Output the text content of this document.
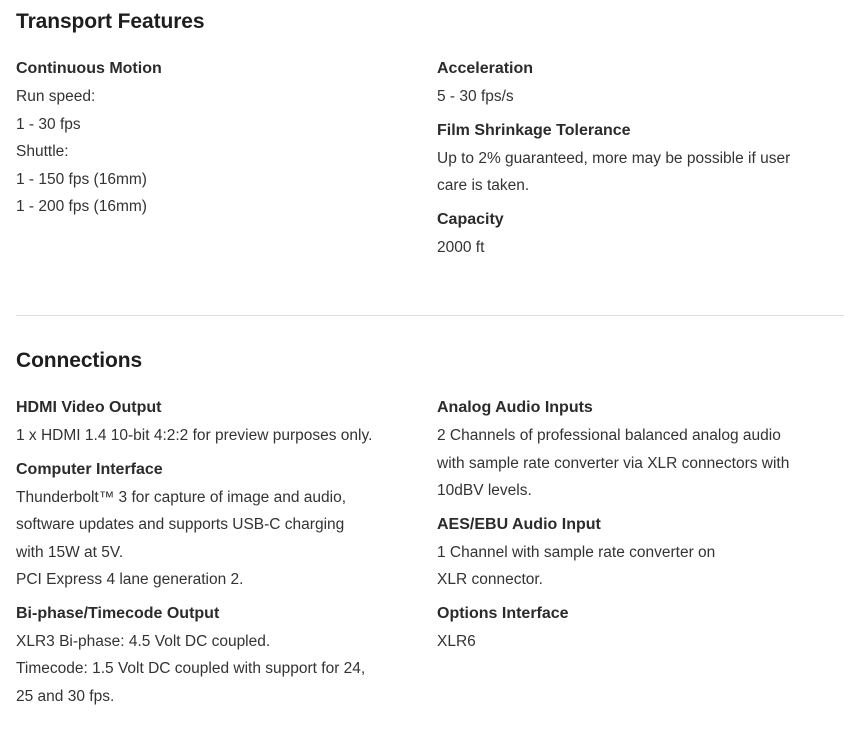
Transport Features
Continuous Motion
Run speed:
1 - 30 fps
Shuttle:
1 - 150 fps (16mm)
1 - 200 fps (16mm)
Acceleration
5 - 30 fps/s
Film Shrinkage Tolerance
Up to 2% guaranteed, more may be possible if user
care is taken.
Capacity
2000 ft
Connections
HDMI Video Output
1 x HDMI 1.4 10-bit 4:2:2 for preview purposes only.
Computer Interface
Thunderbolt™ 3 for capture of image and audio,
software updates and supports USB-C charging
with 15W at 5V.
PCI Express 4 lane generation 2.
Bi-phase/Timecode Output
XLR3 Bi-phase: 4.5 Volt DC coupled.
Timecode: 1.5 Volt DC coupled with support for 24,
25 and 30 fps.
Analog Audio Inputs
2 Channels of professional balanced analog audio
with sample rate converter via XLR connectors with
10dBV levels.
AES/EBU Audio Input
1 Channel with sample rate converter on
XLR connector.
Options Interface
XLR6
